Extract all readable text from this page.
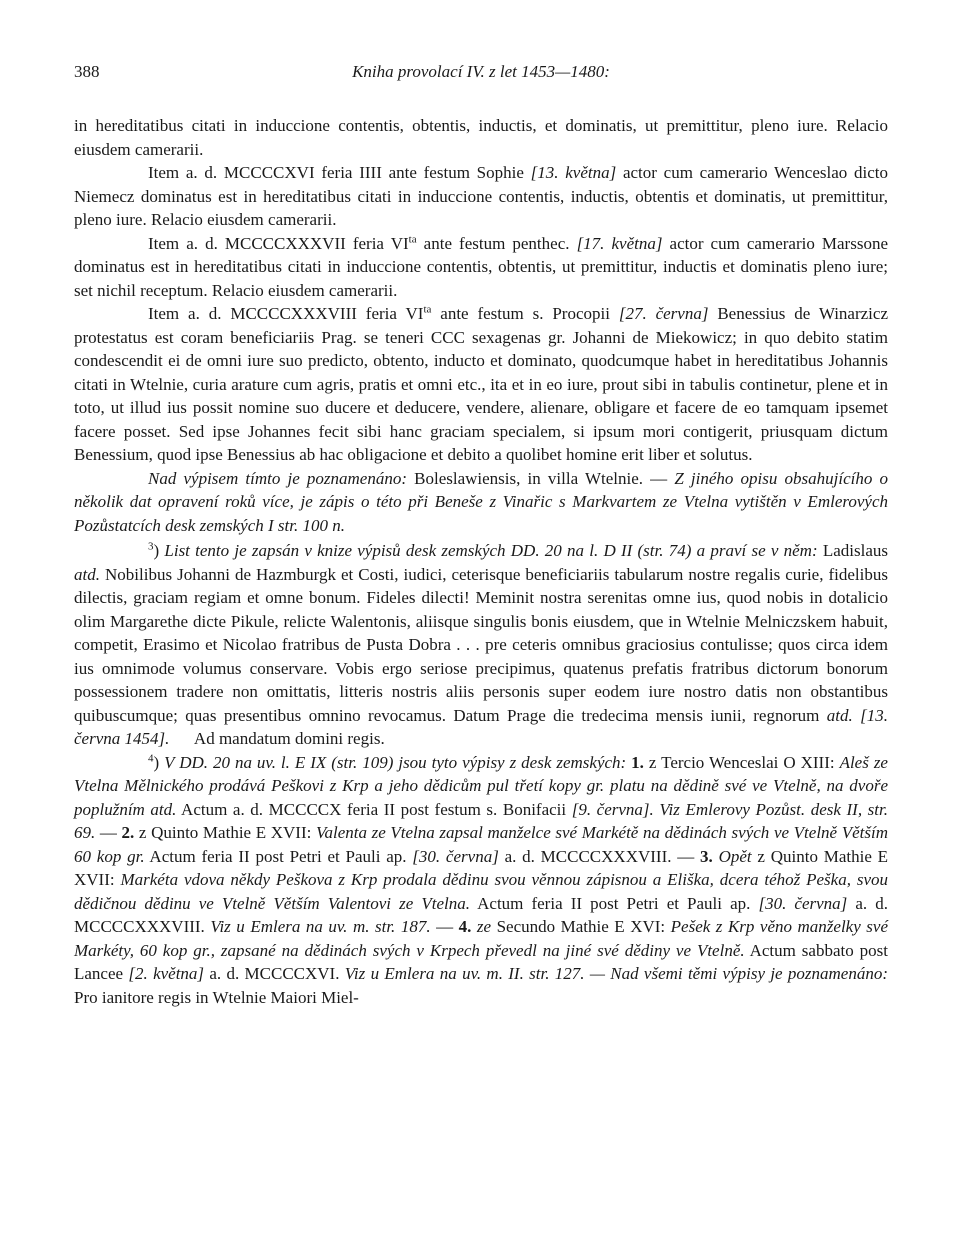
388	Kniha provolací IV. z let 1453—1480:

in hereditatibus citati in induccione contentis, obtentis, inductis, et dominatis, ut premittitur, pleno iure. Relacio eiusdem camerarii.

Item a. d. MCCCCXVI feria IIII ante festum Sophie [13. května] actor cum camerario Wenceslao dicto Niemecz dominatus est in hereditatibus citati in induccione contentis, inductis, obtentis et dominatis, ut premittitur, pleno iure. Relacio eiusdem camerarii.

Item a. d. MCCCCXXXVII feria $VI^{ta}$ ante festum penthec. [17. května] actor cum camerario Marssone dominatus est in hereditatibus citati in induccione contentis, obtentis, ut premittitur, inductis et dominatis pleno iure; set nichil receptum. Relacio eiusdem camerarii.

Item a. d. MCCCCXXXVIII feria $VI^{ta}$ ante festum s. Procopii [27. června] Benessius de Winarzicz protestatus est coram beneficiariis Prag. se teneri CCC sexagenas gr. Johanni de Miekowicz; in quo debito statim condescendit ei de omni iure suo predicto, obtento, inducto et dominato, quodcumque habet in hereditatibus Johannis citati in Wtelnie, curia arature cum agris, pratis et omni etc., ita et in eo iure, prout sibi in tabulis continetur, plene et in toto, ut illud ius possit nomine suo ducere et deducere, vendere, alienare, obligare et facere de eo tamquam ipsemet facere posset. Sed ipse Johannes fecit sibi hanc graciam specialem, si ipsum mori contigerit, priusquam dictum Benessium, quod ipse Benessius ab hac obligacione et debito a quolibet homine erit liber et solutus.

Nad výpisem tímto je poznamenáno: Boleslawiensis, in villa Wtelnie. — Z jiného opisu obsahujícího o několik dat opravení roků více, je zápis o této při Beneše z Vinařic s Markvartem ze Vtelna vytištěn v Emlerových Pozůstatcích desk zemských I str. 100 n.

$^3$) List tento je zapsán v knize výpisů desk zemských DD. 20 na l. D II (str. 74) a praví se v něm: Ladislaus atd. Nobilibus Johanni de Hazmburgk et Costi, iudici, ceterisque beneficiariis tabularum nostre regalis curie, fidelibus dilectis, graciam regiam et omne bonum. Fideles dilecti! Meminit nostra serenitas omne ius, quod nobis in dotalicio olim Margarethe dicte Pikule, relicte Walentonis, aliisque singulis bonis eiusdem, que in Wtelnie Melniczskem habuit, competit, Erasimo et Nicolao fratribus de Pusta Dobra . . . pre ceteris omnibus graciosius contulisse; quos circa idem ius omnimode volumus conservare. Vobis ergo seriose precipimus, quatenus prefatis fratribus dictorum bonorum possessionem tradere non omittatis, litteris nostris aliis personis super eodem iure nostro datis non obstantibus quibuscumque; quas presentibus omnino revocamus. Datum Prage die tredecima mensis iunii, regnorum atd. [13. června 1454].      Ad mandatum domini regis.

$^4$) V DD. 20 na uv. l. E IX (str. 109) jsou tyto výpisy z desk zemských: 1. z Tercio Wenceslai O XIII: Aleš ze Vtelna Mělnického prodává Peškovi z Krp a jeho dědicům pul třetí kopy gr. platu na dědině své ve Vtelně, na dvoře poplužním atd. Actum a. d. MCCCCX feria II post festum s. Bonifacii [9. června]. Viz Emlerovy Pozůst. desk II, str. 69. — 2. z Quinto Mathie E XVII: Valenta ze Vtelna zapsal manželce své Markétě na dědinách svých ve Vtelně Větším 60 kop gr. Actum feria II post Petri et Pauli ap. [30. června] a. d. MCCCCXXXVIII. — 3. Opět z Quinto Mathie E XVII: Markéta vdova někdy Peškova z Krp prodala dědinu svou věnnou zápisnou a Eliška, dcera téhož Peška, svou dědičnou dědinu ve Vtelně Větším Valentovi ze Vtelna. Actum feria II post Petri et Pauli ap. [30. června] a. d. MCCCCXXXVIII. Viz u Emlera na uv. m. str. 187. — 4. ze Secundo Mathie E XVI: Pešek z Krp věno manželky své Markéty, 60 kop gr., zapsané na dědinách svých v Krpech převedl na jiné své dědiny ve Vtelně. Actum sabbato post Lancee [2. května] a. d. MCCCCXVI. Viz u Emlera na uv. m. II. str. 127. — Nad všemi těmi výpisy je poznamenáno: Pro ianitore regis in Wtelnie Maiori Miel-
